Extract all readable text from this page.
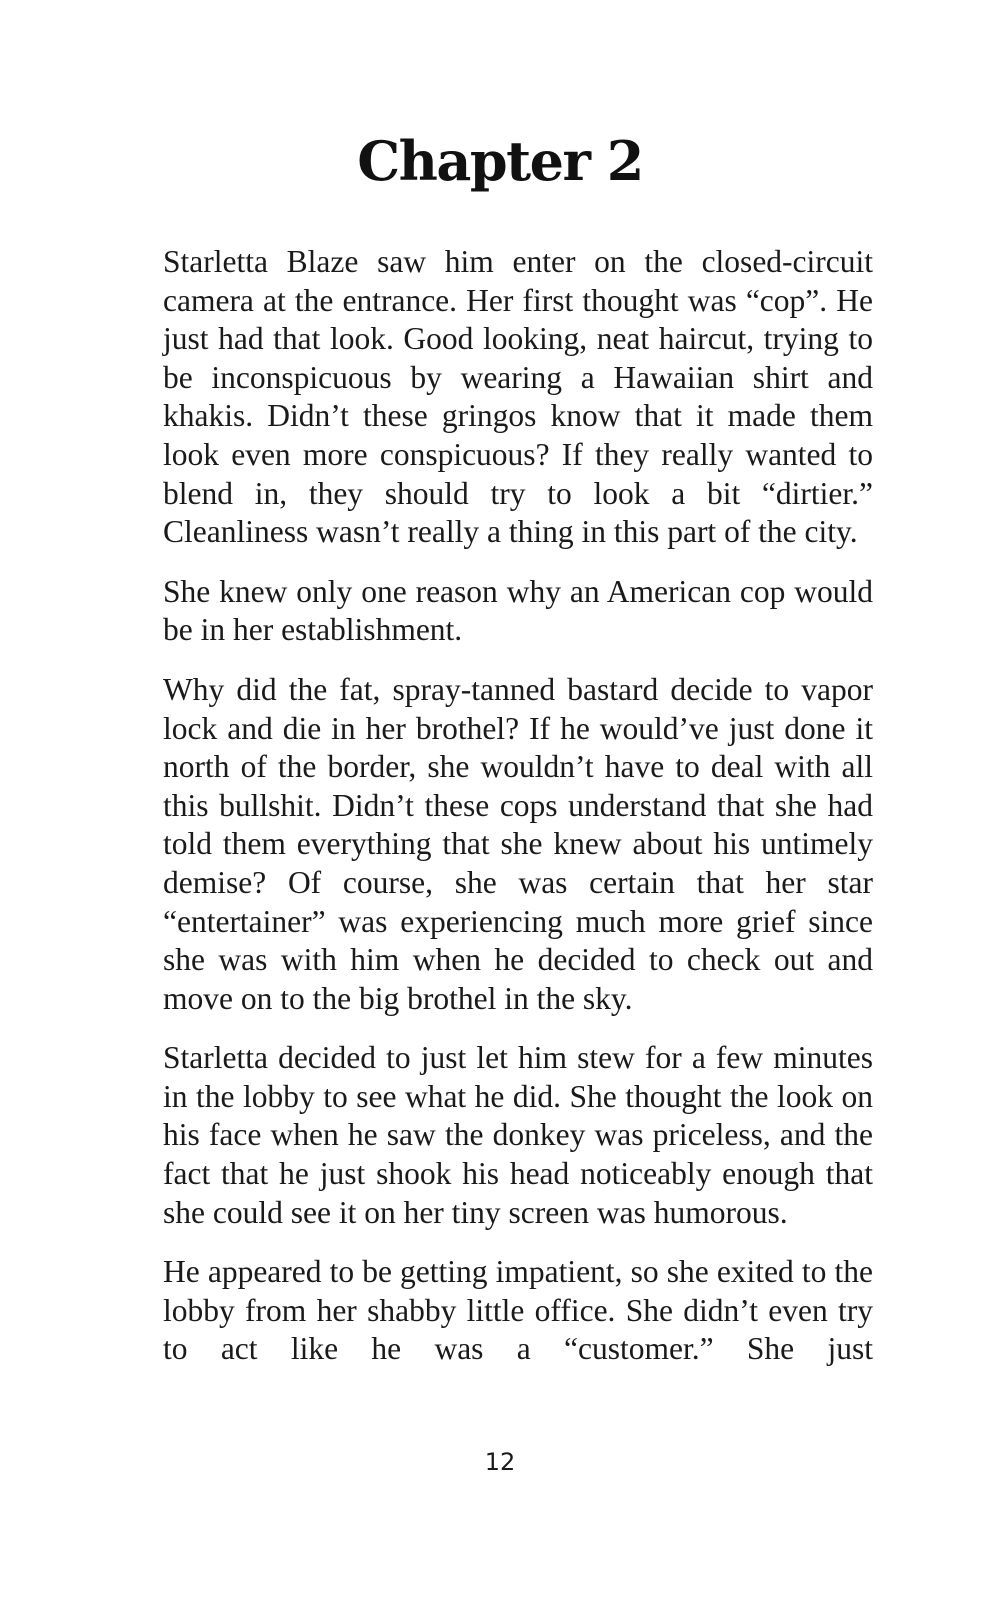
Chapter 2

Starletta Blaze saw him enter on the closed-circuit camera at the entrance. Her first thought was “cop”. He just had that look. Good looking, neat haircut, trying to be inconspicuous by wearing a Hawaiian shirt and khakis. Didn’t these gringos know that it made them look even more conspicuous? If they really wanted to blend in, they should try to look a bit “dirtier.” Cleanliness wasn’t really a thing in this part of the city.

She knew only one reason why an American cop would be in her establishment.

Why did the fat, spray-tanned bastard decide to vapor lock and die in her brothel? If he would’ve just done it north of the border, she wouldn’t have to deal with all this bullshit. Didn’t these cops understand that she had told them everything that she knew about his untimely demise? Of course, she was certain that her star “entertainer” was experiencing much more grief since she was with him when he decided to check out and move on to the big brothel in the sky.

Starletta decided to just let him stew for a few minutes in the lobby to see what he did. She thought the look on his face when he saw the donkey was priceless, and the fact that he just shook his head noticeably enough that she could see it on her tiny screen was humorous.

He appeared to be getting impatient, so she exited to the lobby from her shabby little office. She didn’t even try to act like he was a “customer.” She just

12
